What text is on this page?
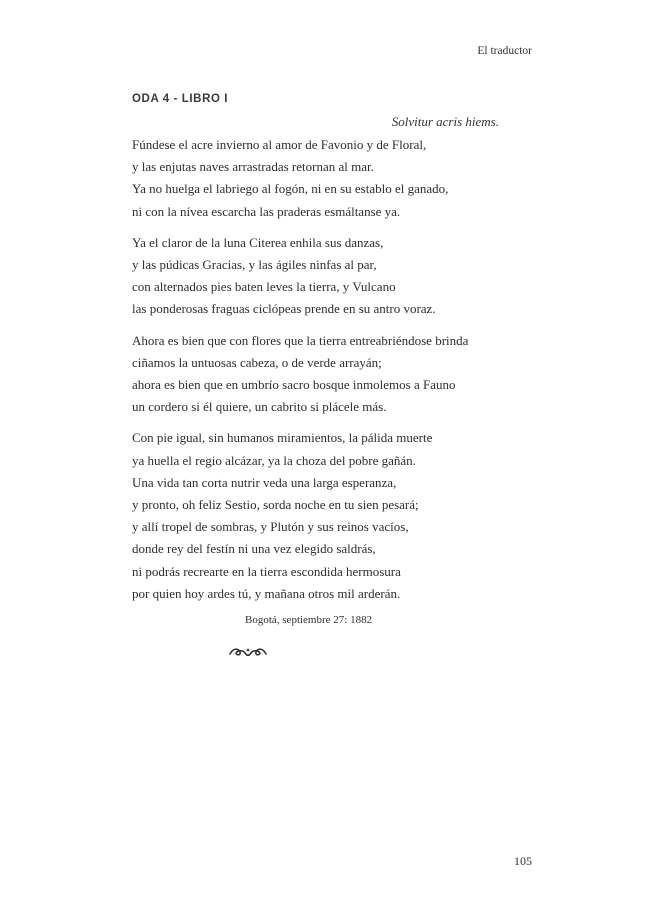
El traductor
ODA 4 - LIBRO I
Solvitur acris hiems.
Fúndese el acre invierno al amor de Favonio y de Floral,
y las enjutas naves arrastradas retornan al mar.
Ya no huelga el labriego al fogón, ni en su establo el ganado,
ni con la nívea escarcha las praderas esmáltanse ya.
Ya el claror de la luna Citerea enhila sus danzas,
y las púdicas Gracias, y las ágiles ninfas al par,
con alternados pies baten leves la tierra, y Vulcano
las ponderosas fraguas ciclópeas prende en su antro voraz.
Ahora es bien que con flores que la tierra entreabriéndose brinda
ciñamos la untuosas cabeza, o de verde arrayán;
ahora es bien que en umbrío sacro bosque inmolemos a Fauno
un cordero si él quiere, un cabrito si plácele más.
Con pie igual, sin humanos miramientos, la pálida muerte
ya huella el regio alcázar, ya la choza del pobre gañán.
Una vida tan corta nutrir veda una larga esperanza,
y pronto, oh feliz Sestio, sorda noche en tu sien pesará;
y allí tropel de sombras, y Plutón y sus reinos vacíos,
donde rey del festín ni una vez elegido saldrás,
ni podrás recrearte en la tierra escondida hermosura
por quien hoy ardes tú, y mañana otros mil arderán.
Bogotá, septiembre 27: 1882
105
